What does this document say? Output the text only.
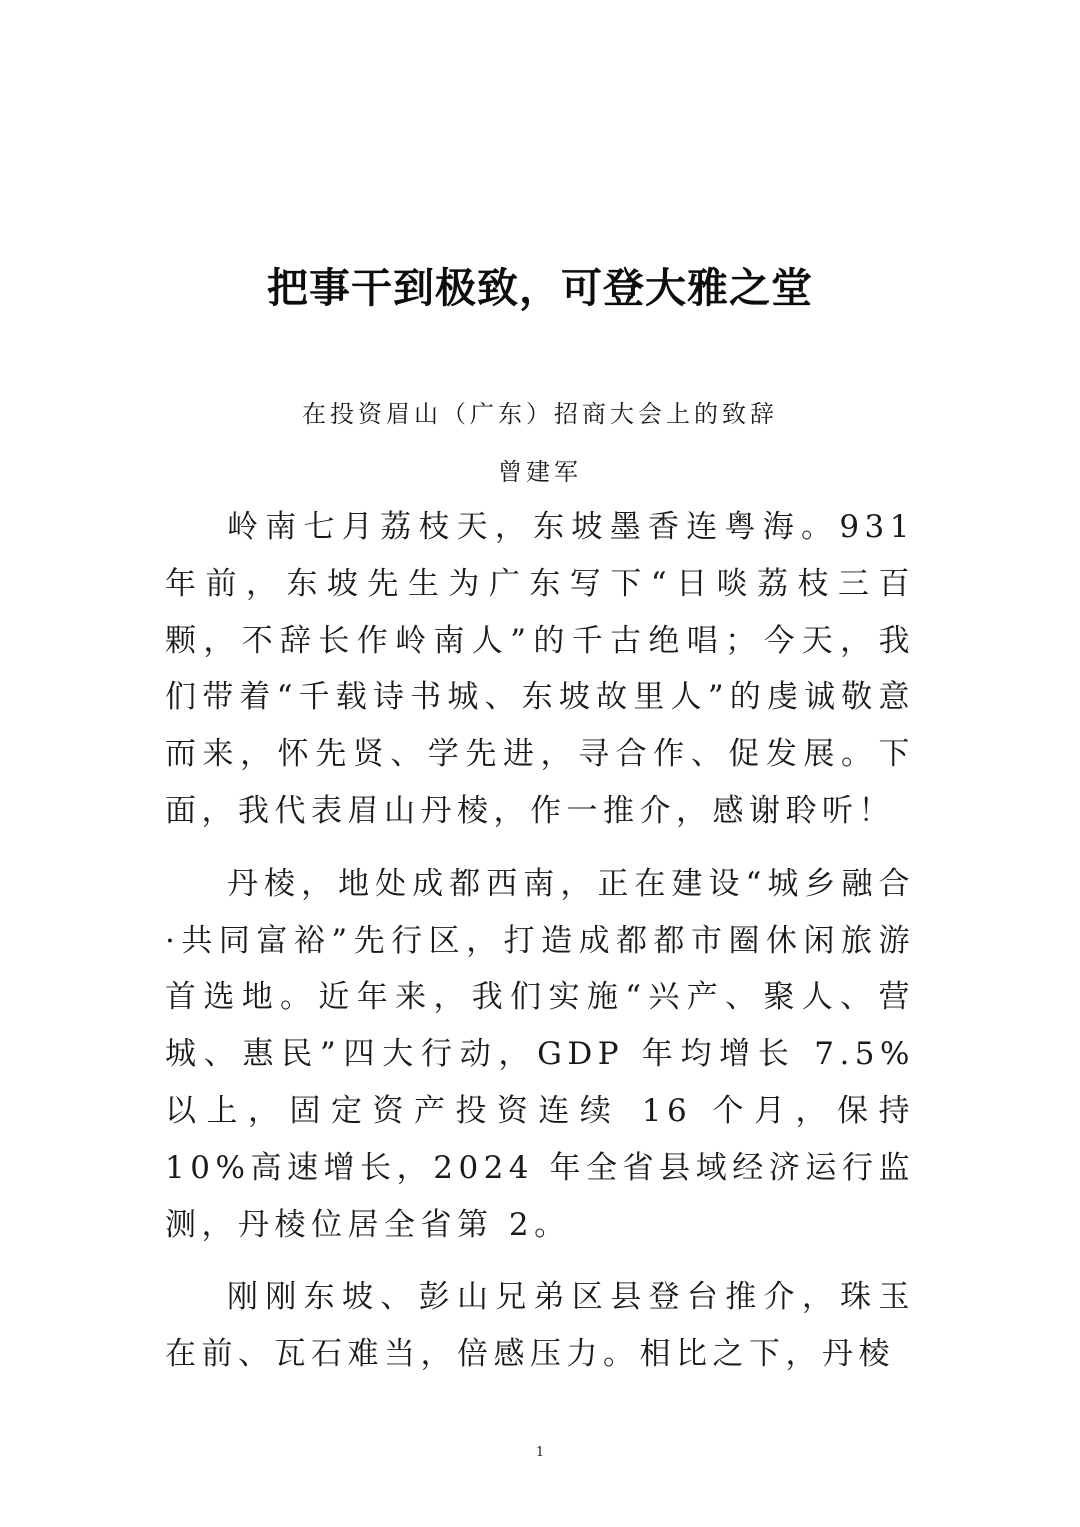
把事干到极致，可登大雅之堂
在投资眉山（广东）招商大会上的致辞
曾建军

岭南七月荔枝天，东坡墨香连粤海。931年前，东坡先生为广东写下“日啖荔枝三百颗，不辞长作岭南人”的千古绝唱；今天，我们带着“千载诗书城、东坡故里人”的虔诚敬意而来，怀先贤、学先进，寻合作、促发展。下面，我代表眉山丹棱，作一推介，感谢聆听！

丹棱，地处成都西南，正在建设“城乡融合·共同富裕”先行区，打造成都都市圈休闲旅游首选地。近年来，我们实施“兴产、聚人、营城、惠民”四大行动，GDP 年均增长 7.5%以上，固定资产投资连续 16 个月，保持 10%高速增长，2024 年全省县域经济运行监测，丹棱位居全省第 2。

刚刚东坡、彭山兄弟区县登台推介，珠玉在前、瓦石难当，倍感压力。相比之下，丹棱

1
